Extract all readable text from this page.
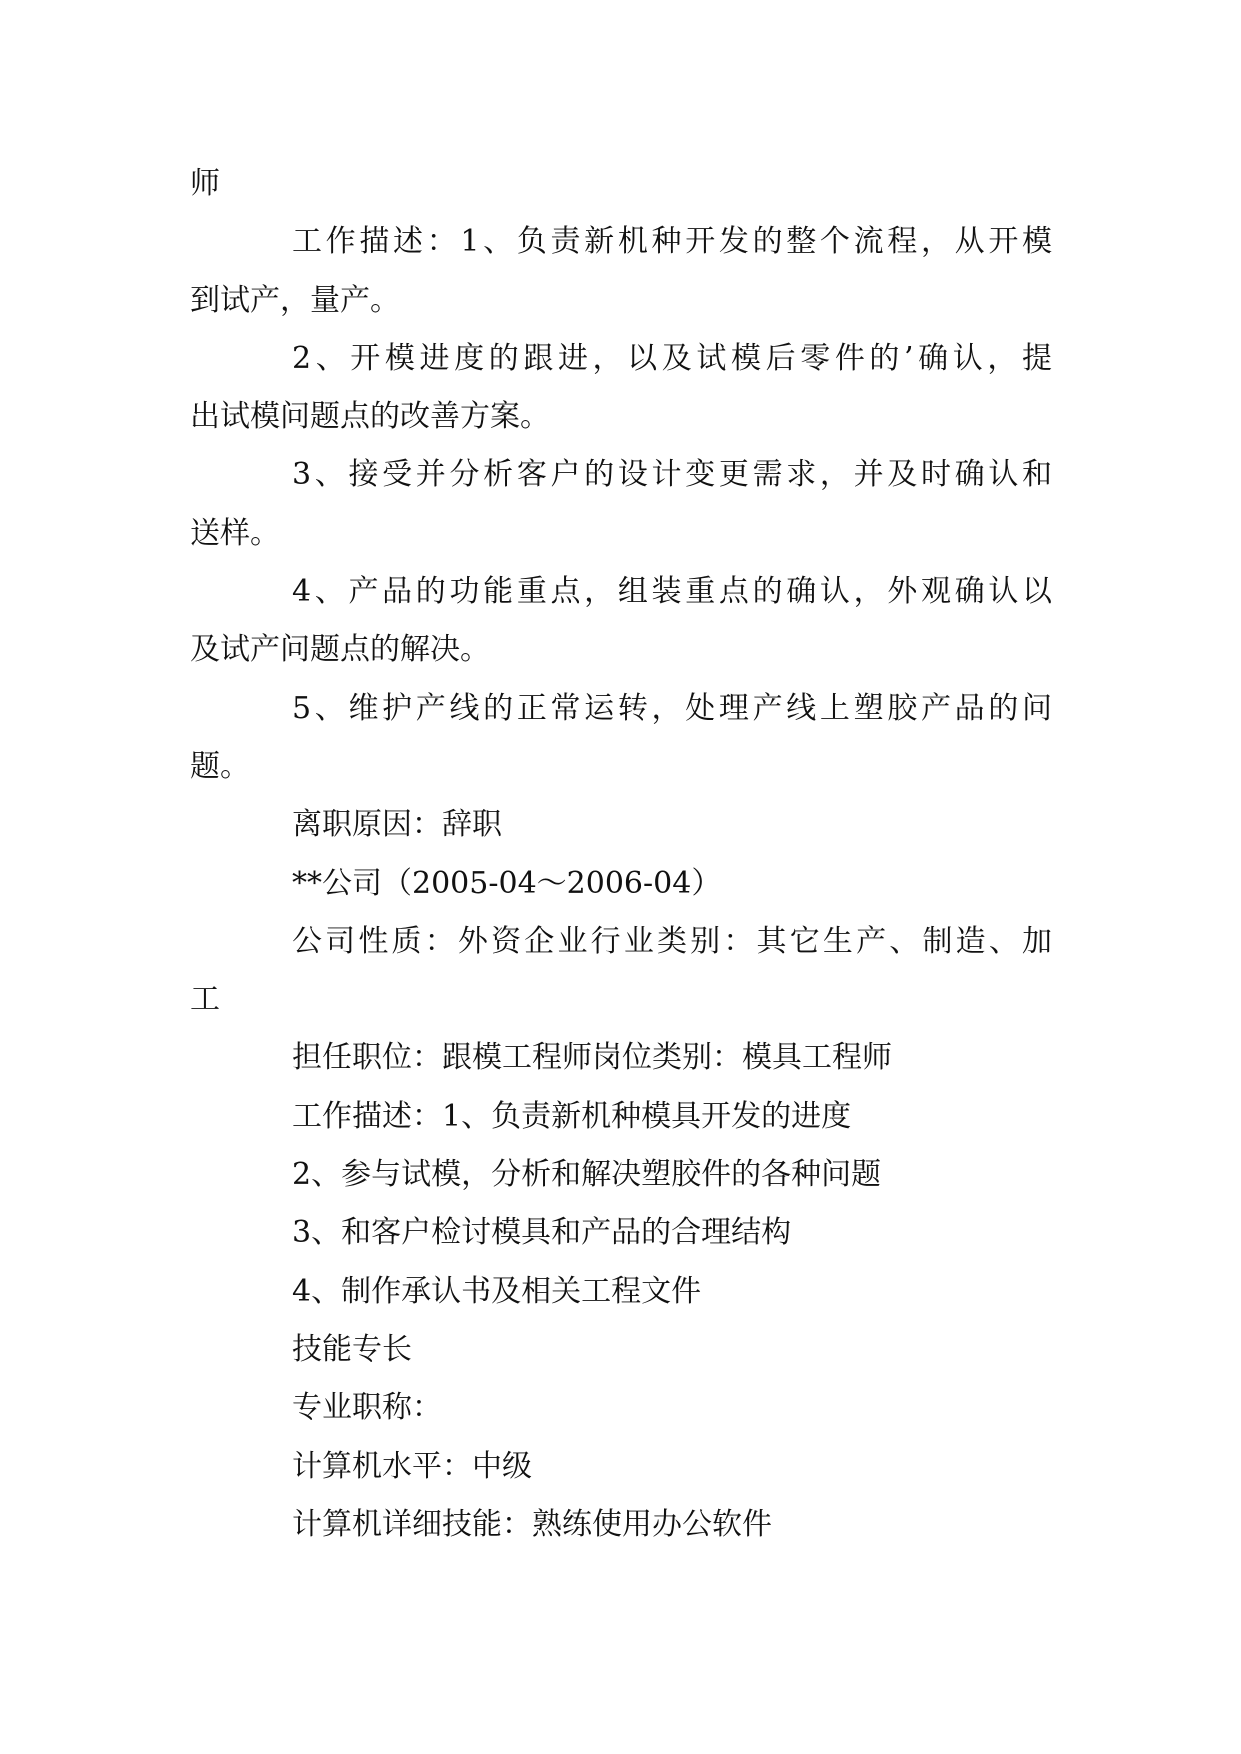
师

工作描述：1、负责新机种开发的整个流程，从开模
到试产，量产。

2、开模进度的跟进，以及试模后零件的’确认，提
出试模问题点的改善方案。

3、接受并分析客户的设计变更需求，并及时确认和
送样。

4、产品的功能重点，组装重点的确认，外观确认以
及试产问题点的解决。

5、维护产线的正常运转，处理产线上塑胶产品的问
题。

离职原因：辞职

**公司（2005-04～2006-04）

公司性质：外资企业行业类别：其它生产、制造、加
工

担任职位：跟模工程师岗位类别：模具工程师

工作描述：1、负责新机种模具开发的进度

2、参与试模，分析和解决塑胶件的各种问题

3、和客户检讨模具和产品的合理结构

4、制作承认书及相关工程文件

技能专长

专业职称：

计算机水平：中级

计算机详细技能：熟练使用办公软件
